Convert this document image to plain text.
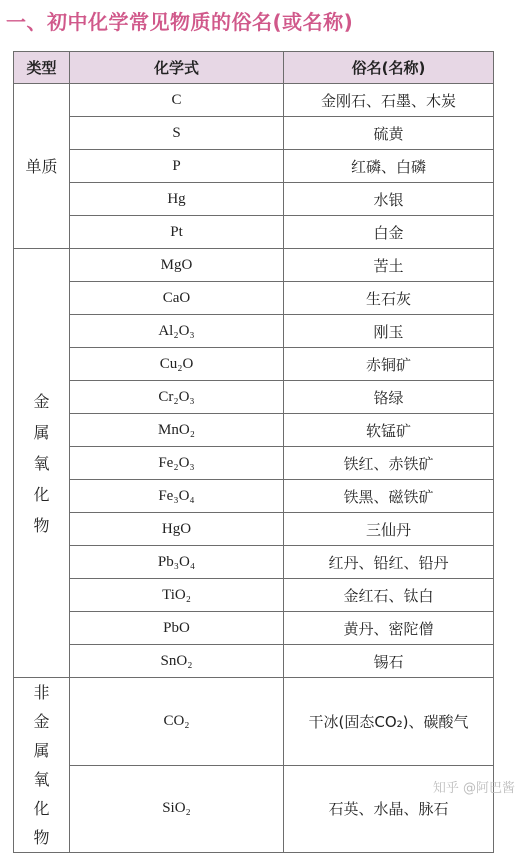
一、初中化学常见物质的俗名(或名称)
类型	化学式	俗名(名称)
单质	C	金刚石、石墨、木炭
	S	硫黄
	P	红磷、白磷
	Hg	水银
	Pt	白金
金属氧化物	MgO	苦土
	CaO	生石灰
	Al₂O₃	刚玉
	Cu₂O	赤铜矿
	Cr₂O₃	铬绿
	MnO₂	软锰矿
	Fe₂O₃	铁红、赤铁矿
	Fe₃O₄	铁黑、磁铁矿
	HgO	三仙丹
	Pb₃O₄	红丹、铅红、铅丹
	TiO₂	金红石、钛白
	PbO	黄丹、密陀僧
	SnO₂	锡石
非金属氧化物	CO₂	干冰(固态CO₂)、碳酸气
	SiO₂	石英、水晶、脉石
知乎 @阿巴酱
